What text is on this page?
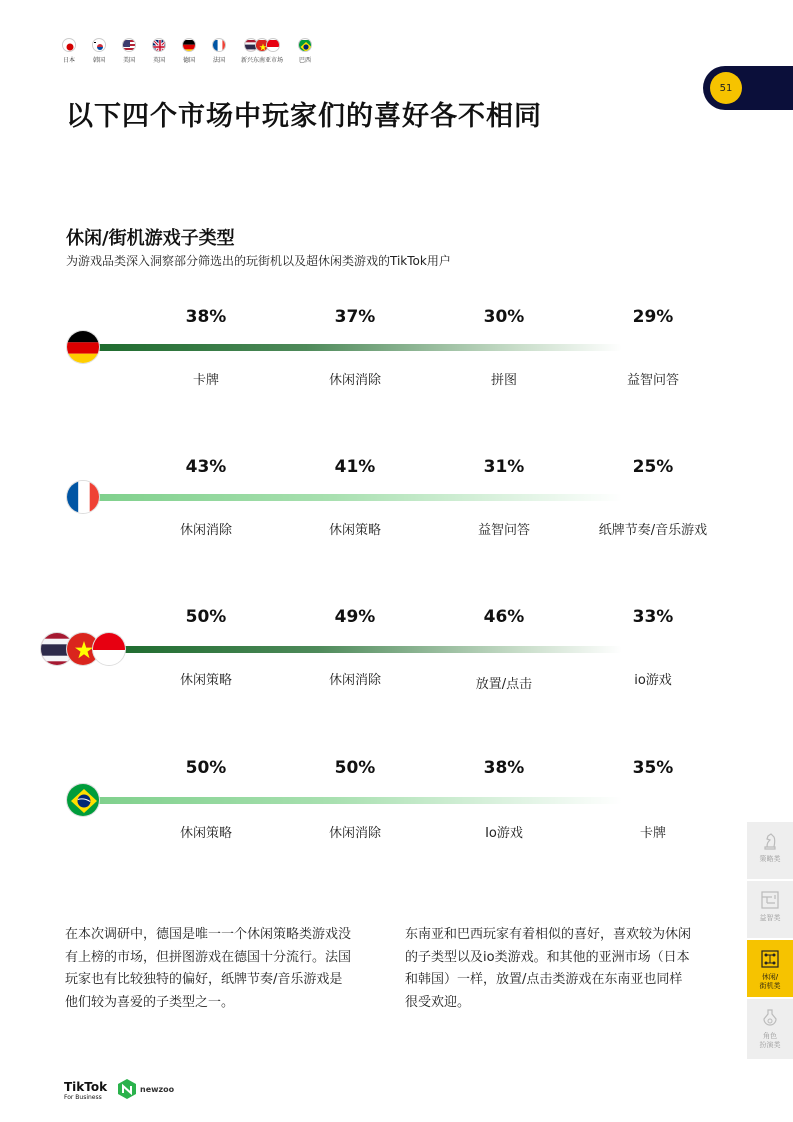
日本	韩国	美国	英国	德国	法国	新兴东南亚市场	巴西
51
以下四个市场中玩家们的喜好各不相同
休闲/街机游戏子类型
为游戏品类深入洞察部分筛选出的玩街机以及超休闲类游戏的TikTok用户
38%	37%	30%	29%
卡牌	休闲消除	拼图	益智问答
43%	41%	31%	25%
休闲消除	休闲策略	益智问答	纸牌节奏/音乐游戏
50%	49%	46%	33%
休闲策略	休闲消除	放置/点击	io游戏
50%	50%	38%	35%
休闲策略	休闲消除	Io游戏	卡牌
在本次调研中，德国是唯一一个休闲策略类游戏没
有上榜的市场，但拼图游戏在德国十分流行。法国
玩家也有比较独特的偏好，纸牌节奏/音乐游戏是
他们较为喜爱的子类型之一。
东南亚和巴西玩家有着相似的喜好，喜欢较为休闲
的子类型以及io类游戏。和其他的亚洲市场（日本
和韩国）一样，放置/点击类游戏在东南亚也同样
很受欢迎。
策略类
益智类
休闲/
街机类
角色
扮演类
TikTok
For Business
newzoo
